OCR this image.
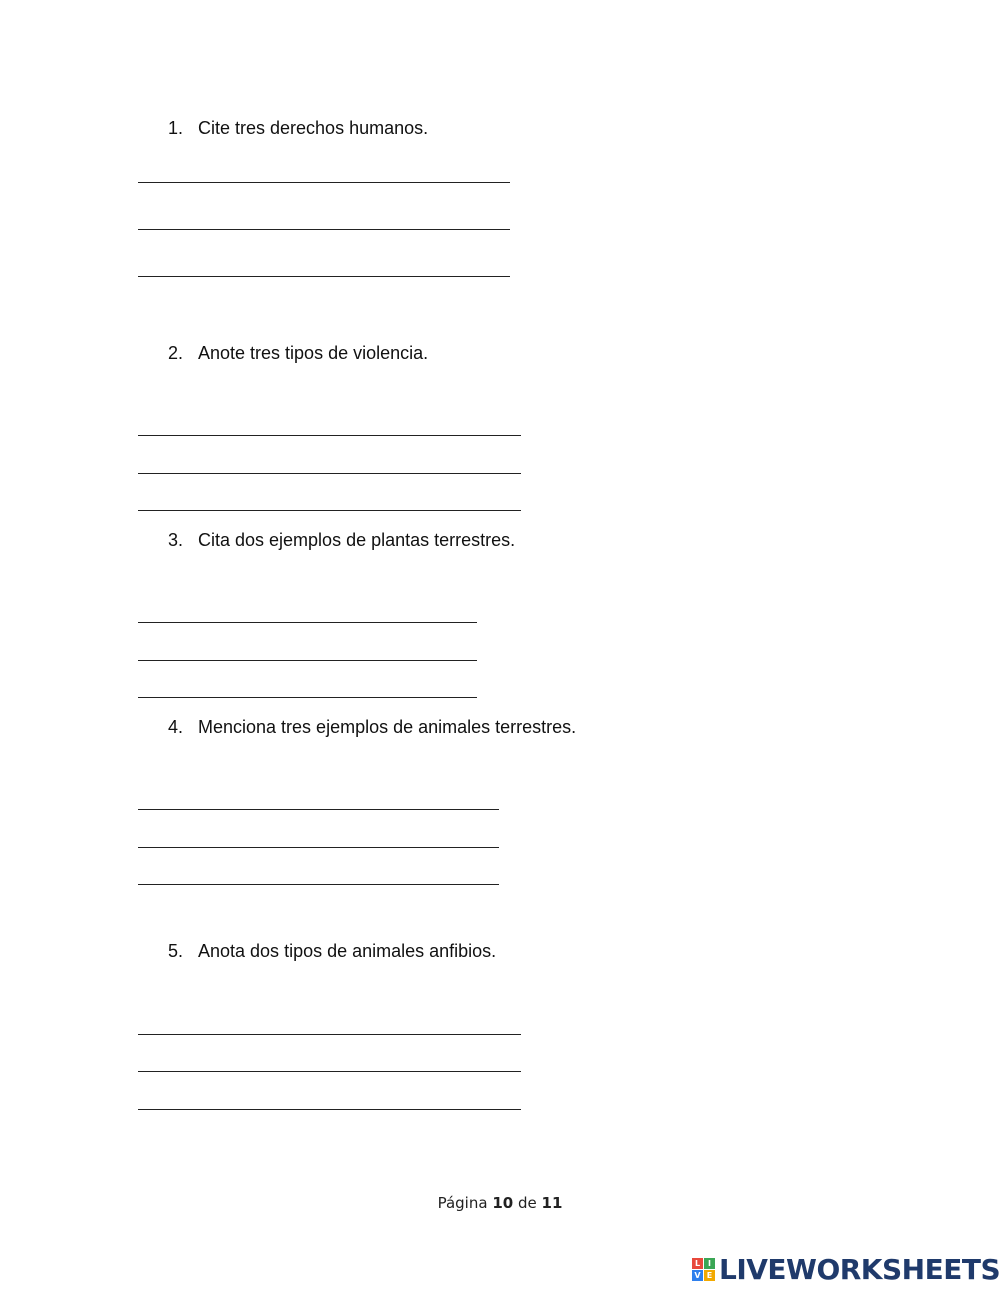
1. Cite tres derechos humanos.
2. Anote tres tipos de violencia.
3. Cita dos ejemplos de plantas terrestres.
4. Menciona tres ejemplos de animales terrestres.
5. Anota dos tipos de animales anfibios.
Página 10 de 11
L I
V E LIVEWORKSHEETS
